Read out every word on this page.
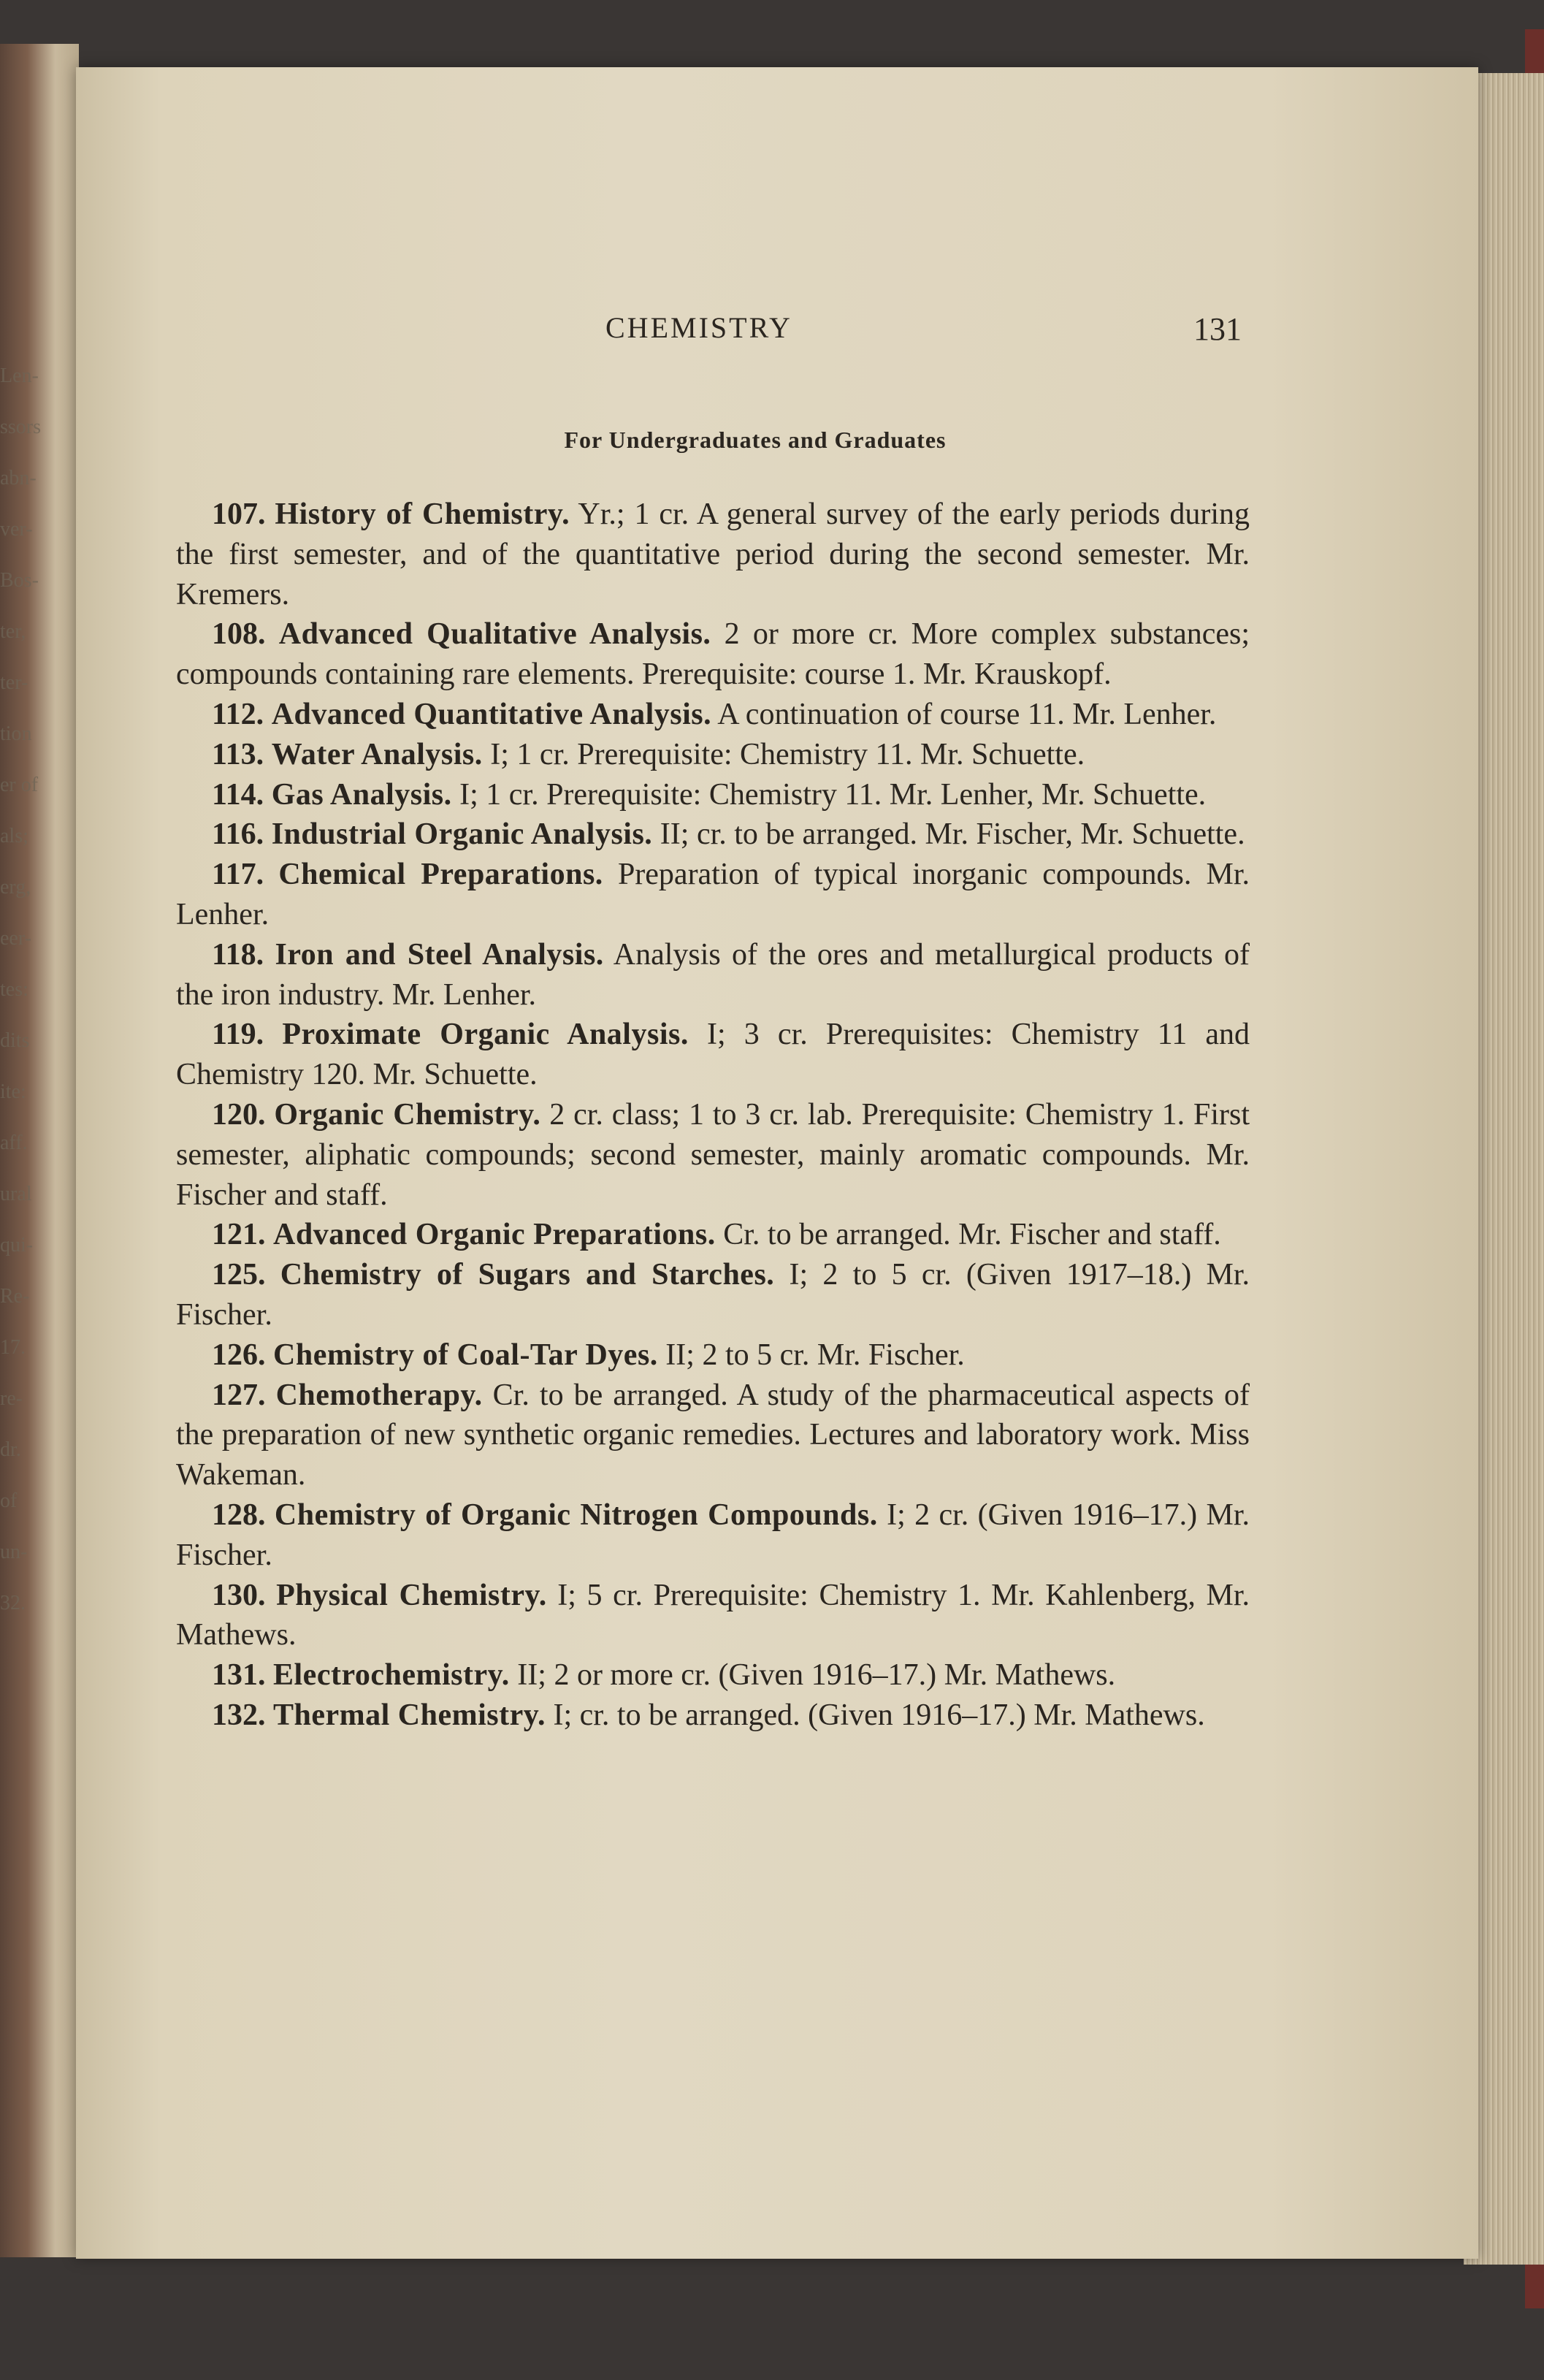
Len-
ssors
abn-
ver-
Bos-
ter,
ter-
tion
er of
als;
erg,
eer-
tes:
dits
ite:
aff.
ural
qui-
Re-
17.
re-
dr.
of
un-
32.
CHEMISTRY	131
For Undergraduates and Graduates

107. History of Chemistry. Yr.; 1 cr. A general survey of the early periods during the first semester, and of the quantitative period during the second semester. Mr. Kremers.

108. Advanced Qualitative Analysis. 2 or more cr. More complex substances; compounds containing rare elements. Prerequisite: course 1. Mr. Krauskopf.

112. Advanced Quantitative Analysis. A continuation of course 11. Mr. Lenher.

113. Water Analysis. I; 1 cr. Prerequisite: Chemistry 11. Mr. Schuette.

114. Gas Analysis. I; 1 cr. Prerequisite: Chemistry 11. Mr. Lenher, Mr. Schuette.

116. Industrial Organic Analysis. II; cr. to be arranged. Mr. Fischer, Mr. Schuette.

117. Chemical Preparations. Preparation of typical inorganic compounds. Mr. Lenher.

118. Iron and Steel Analysis. Analysis of the ores and metallurgical products of the iron industry. Mr. Lenher.

119. Proximate Organic Analysis. I; 3 cr. Prerequisites: Chemistry 11 and Chemistry 120. Mr. Schuette.

120. Organic Chemistry. 2 cr. class; 1 to 3 cr. lab. Prerequisite: Chemistry 1. First semester, aliphatic compounds; second semester, mainly aromatic compounds. Mr. Fischer and staff.

121. Advanced Organic Preparations. Cr. to be arranged. Mr. Fischer and staff.

125. Chemistry of Sugars and Starches. I; 2 to 5 cr. (Given 1917–18.) Mr. Fischer.

126. Chemistry of Coal-Tar Dyes. II; 2 to 5 cr. Mr. Fischer.

127. Chemotherapy. Cr. to be arranged. A study of the pharmaceutical aspects of the preparation of new synthetic organic remedies. Lectures and laboratory work. Miss Wakeman.

128. Chemistry of Organic Nitrogen Compounds. I; 2 cr. (Given 1916–17.) Mr. Fischer.

130. Physical Chemistry. I; 5 cr. Prerequisite: Chemistry 1. Mr. Kahlenberg, Mr. Mathews.

131. Electrochemistry. II; 2 or more cr. (Given 1916–17.) Mr. Mathews.

132. Thermal Chemistry. I; cr. to be arranged. (Given 1916–17.) Mr. Mathews.
